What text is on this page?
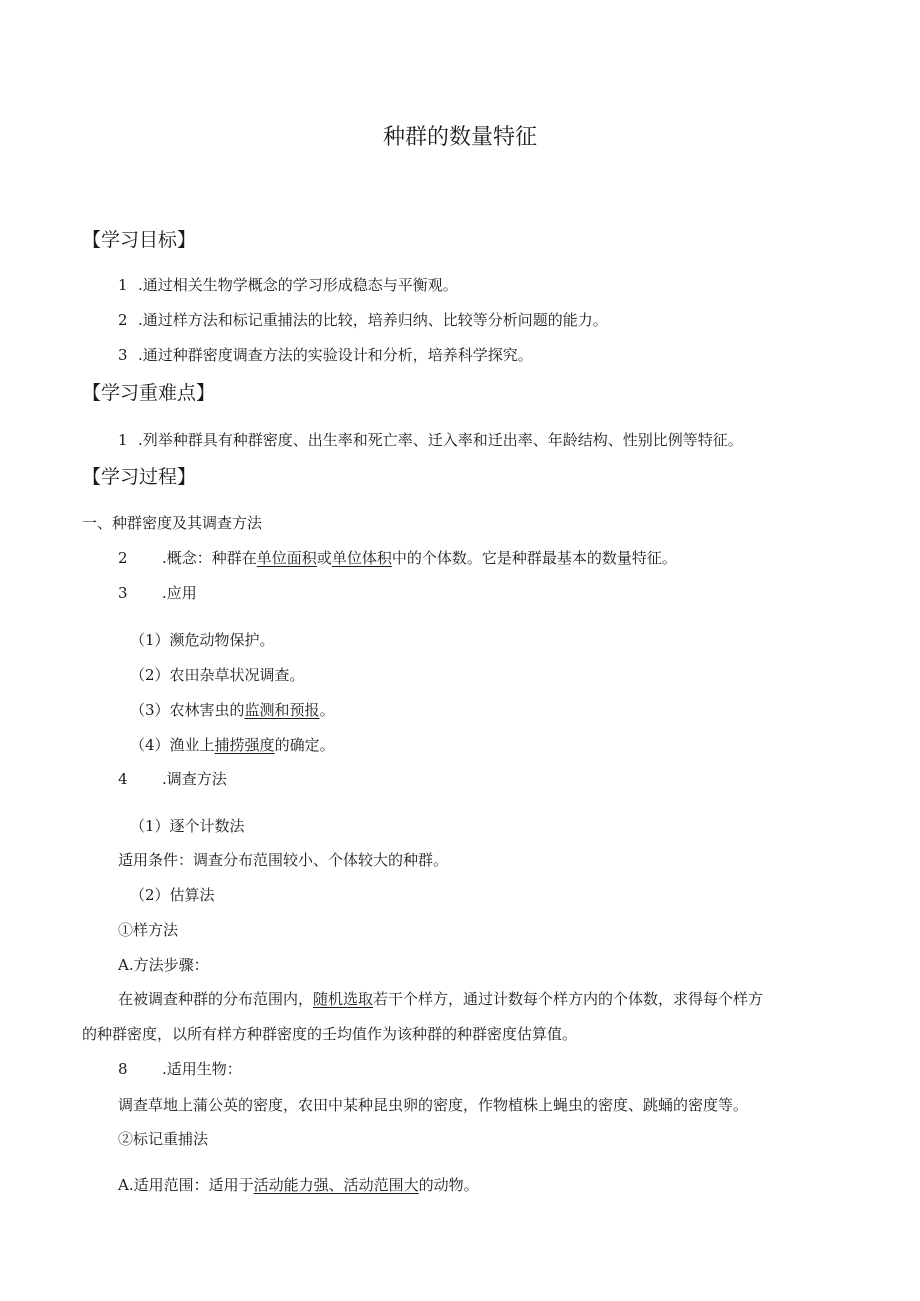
种群的数量特征
【学习目标】
1 .通过相关生物学概念的学习形成稳态与平衡观。
2 .通过样方法和标记重捕法的比较，培养归纳、比较等分析问题的能力。
3 .通过种群密度调查方法的实验设计和分析，培养科学探究。
【学习重难点】
1 .列举种群具有种群密度、出生率和死亡率、迁入率和迁出率、年龄结构、性别比例等特征。
【学习过程】
一、种群密度及其调查方法
2 .概念：种群在单位面积或单位体积中的个体数。它是种群最基本的数量特征。
3 .应用
（1）濒危动物保护。
（2）农田杂草状况调查。
（3）农林害虫的监测和预报。
（4）渔业上捕捞强度的确定。
4 .调查方法
（1）逐个计数法
适用条件：调查分布范围较小、个体较大的种群。
（2）估算法
①样方法
A.方法步骤：
在被调查种群的分布范围内，随机选取若干个样方，通过计数每个样方内的个体数，求得每个样方
的种群密度，以所有样方种群密度的壬均值作为该种群的种群密度估算值。
8 .适用生物：
调查草地上蒲公英的密度，农田中某种昆虫卵的密度，作物植株上蝇虫的密度、跳蛹的密度等。
②标记重捕法
A.适用范围：适用于活动能力强、活动范围大的动物。
